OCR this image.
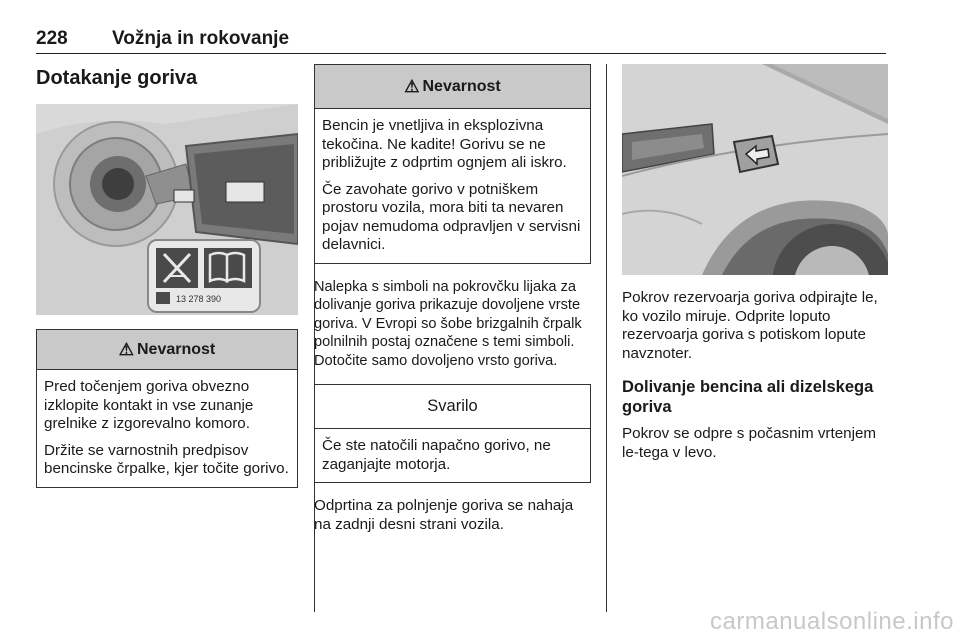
228 Vožnja in rokovanje
Dotakanje goriva
13 278 390
⚠ Nevarnost

Pred točenjem goriva obvezno izklopite kontakt in vse zunanje grelnike z izgorevalno komoro.

Držite se varnostnih predpisov bencinske črpalke, kjer točite gorivo.

⚠ Nevarnost

Bencin je vnetljiva in eksplozivna tekočina. Ne kadite! Gorivu se ne približujte z odprtim ognjem ali iskro.

Če zavohate gorivo v potniškem prostoru vozila, mora biti ta nevaren pojav nemudoma odpravljen v servisni delavnici.

Nalepka s simboli na pokrovčku lijaka za dolivanje goriva prikazuje dovoljene vrste goriva. V Evropi so šobe brizgalnih črpalk polnilnih postaj označene s temi simboli. Dotočite samo dovoljeno vrsto goriva.

Svarilo

Če ste natočili napačno gorivo, ne zaganjajte motorja.

Odprtina za polnjenje goriva se nahaja na zadnji desni strani vozila.

Pokrov rezervoarja goriva odpirajte le, ko vozilo miruje. Odprite loputo rezervoarja goriva s potiskom lopute navznoter.

Dolivanje bencina ali dizelskega goriva

Pokrov se odpre s počasnim vrtenjem le-tega v levo.

carmanualsonline.info
